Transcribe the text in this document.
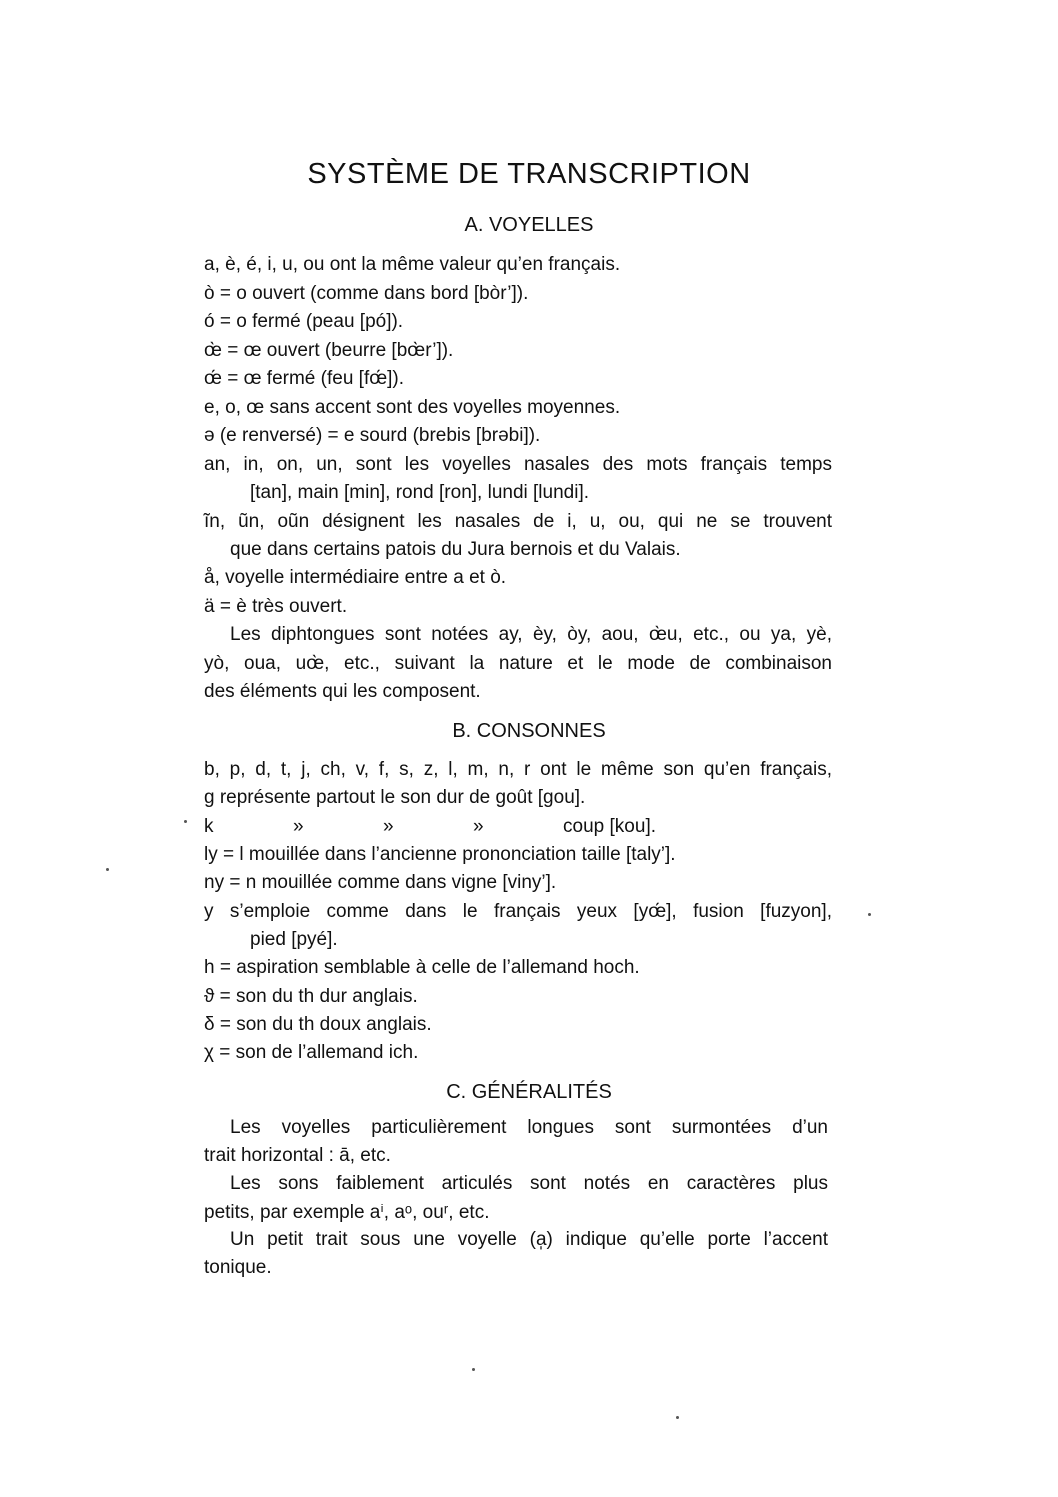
SYSTÈME DE TRANSCRIPTION
A. VOYELLES
a, è, é, i, u, ou ont la même valeur qu’en français.
ò = o ouvert (comme dans bord [bòr’]).
ó = o fermé (peau [pó]).
œ̀ = œ ouvert (beurre [bœ̀r’]).
œ́ = œ fermé (feu [fœ́]).
e, o, œ sans accent sont des voyelles moyennes.
ə (e renversé) = e sourd (brebis [brəbi]).
an, in, on, un, sont les voyelles nasales des mots français temps
[tan], main [min], rond [ron], lundi [lundi].
ĩn, ũn, oũn désignent les nasales de i, u, ou, qui ne se trouvent
que dans certains patois du Jura bernois et du Valais.
å, voyelle intermédiaire entre a et ò.
ä = è très ouvert.
Les diphtongues sont notées ay, èy, òy, aou, œ̀u, etc., ou ya, yè,
yò, oua, uœ̀, etc., suivant la nature et le mode de combinaison
des éléments qui les composent.
B. CONSONNES
b, p, d, t, j, ch, v, f, s, z, l, m, n, r ont le même son qu’en français,
g représente partout le son dur de goût [gou].
k	»	»	»	coup [kou].
ly = l mouillée dans l’ancienne prononciation taille [taly’].
ny = n mouillée comme dans vigne [viny’].
y s’emploie comme dans le français yeux [yœ́], fusion [fuzyon],
pied [pyé].
h = aspiration semblable à celle de l’allemand hoch.
ϑ = son du th dur anglais.
δ = son du th doux anglais.
χ = son de l’allemand ich.
C. GÉNÉRALITÉS
Les voyelles particulièrement longues sont surmontées d’un
trait horizontal : ā, etc.
Les sons faiblement articulés sont notés en caractères plus
petits, par exemple aⁱ, aᵒ, ouʳ, etc.
Un petit trait sous une voyelle (a̩) indique qu’elle porte l’accent
tonique.
